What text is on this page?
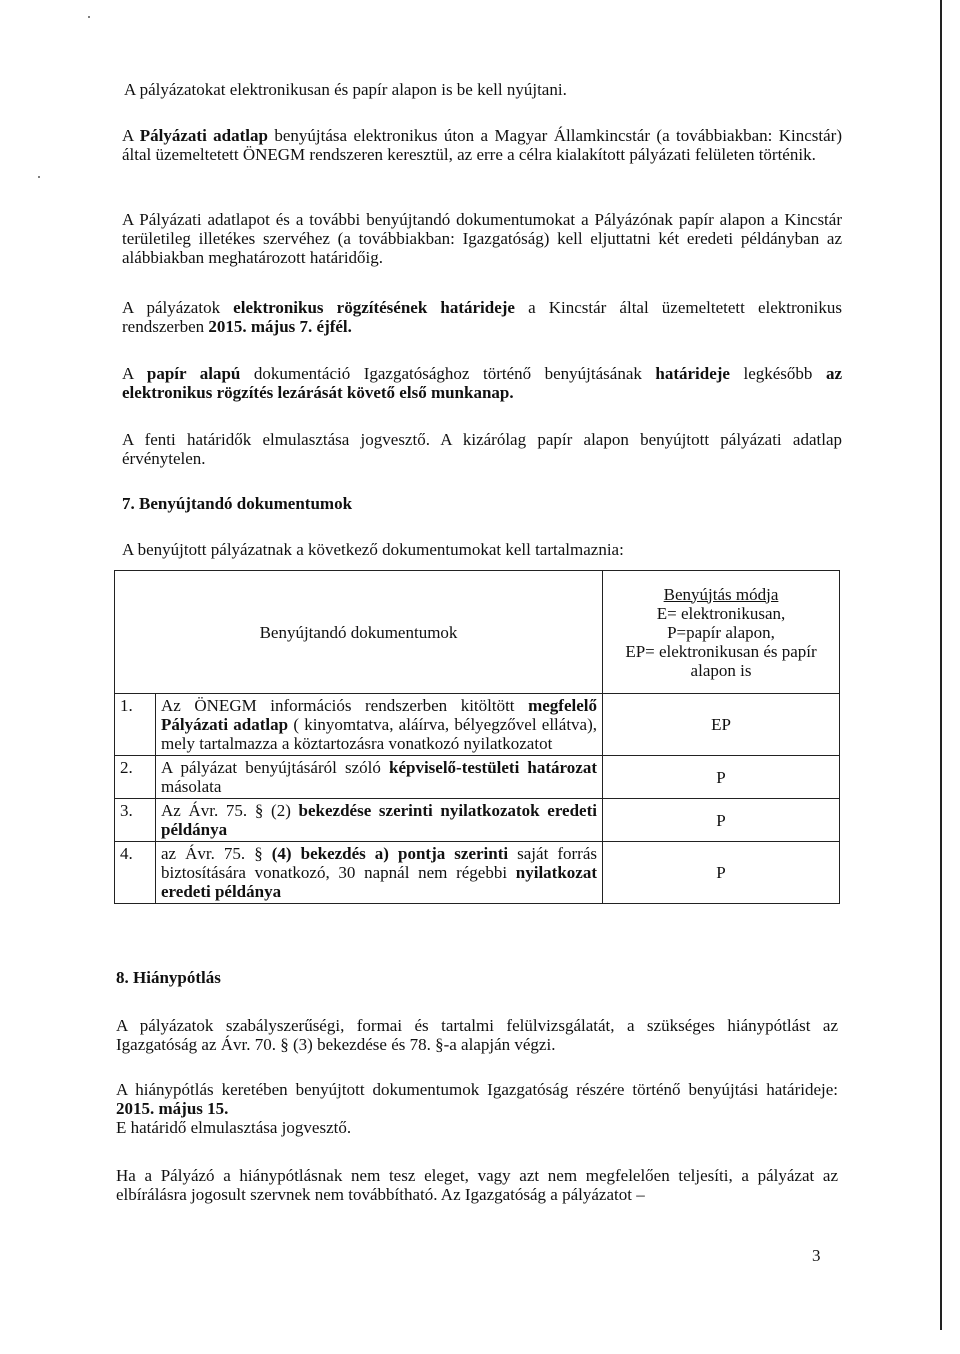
A pályázatokat elektronikusan és papír alapon is be kell nyújtani.

A Pályázati adatlap benyújtása elektronikus úton a Magyar Államkincstár (a továbbiakban: Kincstár) által üzemeltetett ÖNEGM rendszeren keresztül, az erre a célra kialakított pályázati felületen történik.

A Pályázati adatlapot és a további benyújtandó dokumentumokat a Pályázónak papír alapon a Kincstár területileg illetékes szervéhez (a továbbiakban: Igazgatóság) kell eljuttatni két eredeti példányban az alábbiakban meghatározott határidőig.

A pályázatok elektronikus rögzítésének határideje a Kincstár által üzemeltetett elektronikus rendszerben 2015. május 7. éjfél.

A papír alapú dokumentáció Igazgatósághoz történő benyújtásának határideje legkésőbb az elektronikus rögzítés lezárását követő első munkanap.

A fenti határidők elmulasztása jogvesztő. A kizárólag papír alapon benyújtott pályázati adatlap érvénytelen.

7. Benyújtandó dokumentumok

A benyújtott pályázatnak a következő dokumentumokat kell tartalmaznia:

Benyújtandó dokumentumok		Benyújtás módja
E= elektronikusan,
P=papír alapon,
EP= elektronikusan és papír alapon is

1.	Az ÖNEGM információs rendszerben kitöltött megfelelő Pályázati adatlap ( kinyomtatva, aláírva, bélyegzővel ellátva), mely tartalmazza a köztartozásra vonatkozó nyilatkozatot	EP
2.	A pályázat benyújtásáról szóló képviselő-testületi határozat másolata	P
3.	Az Ávr. 75. § (2) bekezdése szerinti nyilatkozatok eredeti példánya	P
4.	az Ávr. 75. § (4) bekezdés a) pontja szerinti saját forrás biztosítására vonatkozó, 30 napnál nem régebbi nyilatkozat eredeti példánya	P
8. Hiánypótlás

A pályázatok szabályszerűségi, formai és tartalmi felülvizsgálatát, a szükséges hiánypótlást az Igazgatóság az Ávr. 70. § (3) bekezdése és 78. §-a alapján végzi.

A hiánypótlás keretében benyújtott dokumentumok Igazgatóság részére történő benyújtási határideje: 2015. május 15.

E határidő elmulasztása jogvesztő.

Ha a Pályázó a hiánypótlásnak nem tesz eleget, vagy azt nem megfelelően teljesíti, a pályázat az elbírálásra jogosult szervnek nem továbbítható. Az Igazgatóság a pályázatot –

3
